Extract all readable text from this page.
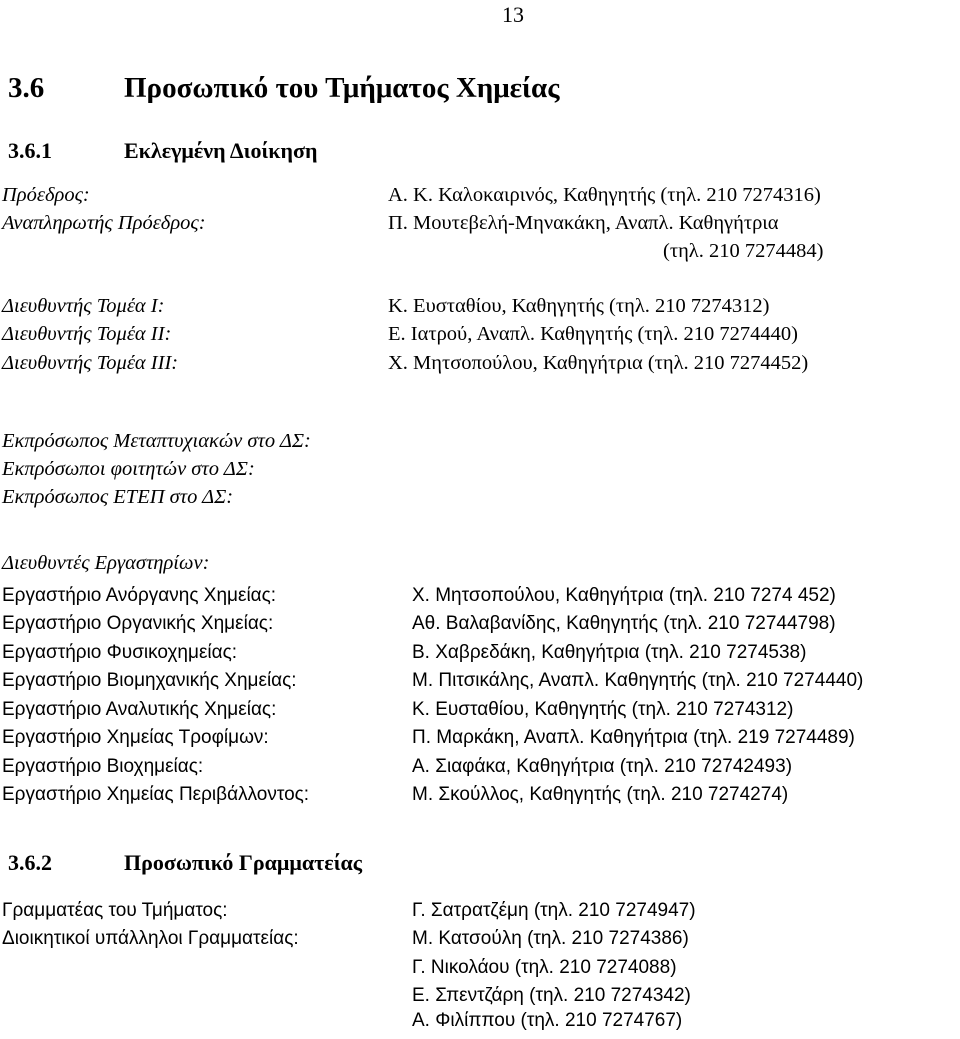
13
3.6	Προσωπικό του Τμήματος Χημείας
3.6.1	Εκλεγμένη Διοίκηση
Πρόεδρος:	Α. Κ. Καλοκαιρινός, Καθηγητής (τηλ. 210 7274316)
Αναπληρωτής Πρόεδρος:	Π. Μουτεβελή-Μηνακάκη, Αναπλ. Καθηγήτρια
(τηλ. 210 7274484)
Διευθυντής Τομέα Ι:	Κ. Ευσταθίου, Καθηγητής (τηλ. 210 7274312)
Διευθυντής Τομέα ΙΙ:	Ε. Ιατρού, Αναπλ. Καθηγητής (τηλ. 210 7274440)
Διευθυντής Τομέα ΙΙΙ:	Χ. Μητσοπούλου, Καθηγήτρια (τηλ. 210 7274452)
Εκπρόσωπος Μεταπτυχιακών στο ΔΣ:
Εκπρόσωποι φοιτητών στο ΔΣ:
Εκπρόσωπος ΕΤΕΠ στο ΔΣ:
Διευθυντές Εργαστηρίων:
Εργαστήριο Ανόργανης Χημείας:	Χ. Μητσοπούλου, Καθηγήτρια (τηλ. 210 7274 452)
Εργαστήριο Οργανικής Χημείας:	Αθ. Βαλαβανίδης, Καθηγητής (τηλ. 210 72744798)
Εργαστήριο Φυσικοχημείας:	Β. Χαβρεδάκη, Καθηγήτρια (τηλ. 210 7274538)
Εργαστήριο Βιομηχανικής Χημείας:	Μ. Πιτσικάλης, Αναπλ. Καθηγητής (τηλ. 210 7274440)
Εργαστήριο Αναλυτικής Χημείας:	Κ. Ευσταθίου, Καθηγητής (τηλ. 210 7274312)
Εργαστήριο Χημείας Τροφίμων:	Π. Μαρκάκη, Αναπλ. Καθηγήτρια (τηλ. 219 7274489)
Εργαστήριο Βιοχημείας:	Α. Σιαφάκα, Καθηγήτρια (τηλ. 210 72742493)
Εργαστήριο Χημείας Περιβάλλοντος:	Μ. Σκούλλος, Καθηγητής (τηλ. 210 7274274)
3.6.2	Προσωπικό Γραμματείας
Γραμματέας του Τμήματος:	Γ. Σατρατζέμη (τηλ. 210 7274947)
Διοικητικοί υπάλληλοι Γραμματείας:	Μ. Κατσούλη (τηλ. 210 7274386)
Γ. Νικολάου (τηλ. 210 7274088)
Ε. Σπεντζάρη (τηλ. 210 7274342)
Α. Φιλίππου (τηλ. 210 7274767)
